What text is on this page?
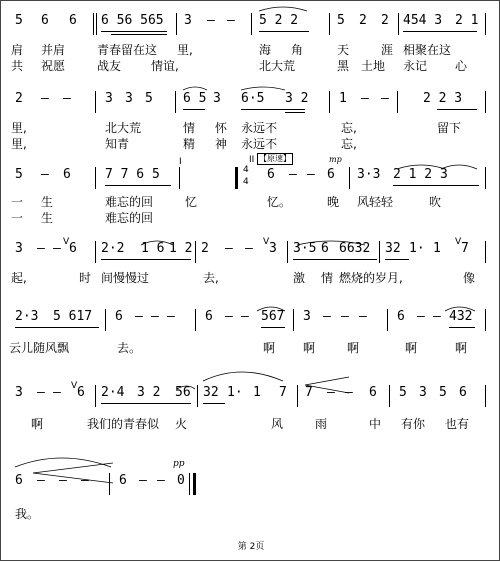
5 6 6 6 56 565 3 – – 5 2 2	5 2 2 454 3 2 1
肩 并肩	青春留在这 里,	海 角	天	涯 相聚在这
共 祝愿	战友 情谊,	北大荒	黑 土地 永记 心
2 – –	3 3 5 6 5 3 6·5 3 2 1 – –	2 2 3
里,	北大荒	情 怀 永远不	忘,	留下
里,	知青	精 神 永远不	忘,
5 – 6	7 7 6 5	6 – – 6 3·3 2 1 2 3
4
4
I	II 【原速】	mp
一 生	难忘的回	忆	忆。	晚 风轻轻	吹
一 生	难忘的回
3 – – 6 2·2 1 6 1 2 2 – – 3 3·5 6 6632 32 1· 1 7
V	V	V
起,	时 间慢慢过	去,	激 情 燃烧的岁月,	像
2·3 5 617 6 – – – 6 – – 567 3 – – – 6 – – 432
云儿随风飘	去。	啊 啊	啊	啊	啊
3 – – 6 2·4 3 2 56 32 1· 1 7 7 – – 6 5 3 5 6
V
啊	我们的青春似 火	风	雨	中 有你 也有
6 – – – 6 – – 0
pp
我。
第 2页
